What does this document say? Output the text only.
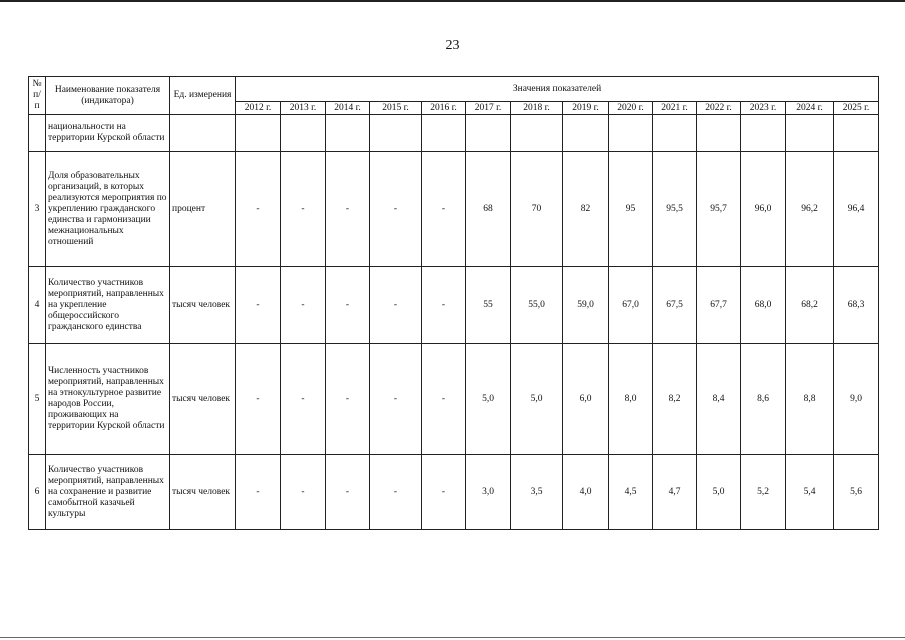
23
№ п/п	Наименование показателя (индикатора)	Ед. измерения	Значения показателей													
			2012 г.	2013 г.	2014 г.	2015 г.	2016 г.	2017 г.	2018 г.	2019 г.	2020 г.	2021 г.	2022 г.	2023 г.	2024 г.	2025 г.
	национальности на территории Курской области															
3	Доля образовательных организаций, в которых реализуются мероприятия по укреплению гражданского единства и гармонизации межнациональных отношений	процент	-	-	-	-	-	68	70	82	95	95,5	95,7	96,0	96,2	96,4
4	Количество участников мероприятий, направленных на укрепление общероссийского гражданского единства	тысяч человек	-	-	-	-	-	55	55,0	59,0	67,0	67,5	67,7	68,0	68,2	68,3
5	Численность участников мероприятий, направленных на этнокультурное развитие народов России, проживающих на территории Курской области	тысяч человек	-	-	-	-	-	5,0	5,0	6,0	8,0	8,2	8,4	8,6	8,8	9,0
6	Количество участников мероприятий, направленных на сохранение и развитие самобытной казачьей культуры	тысяч человек	-	-	-	-	-	3,0	3,5	4,0	4,5	4,7	5,0	5,2	5,4	5,6
